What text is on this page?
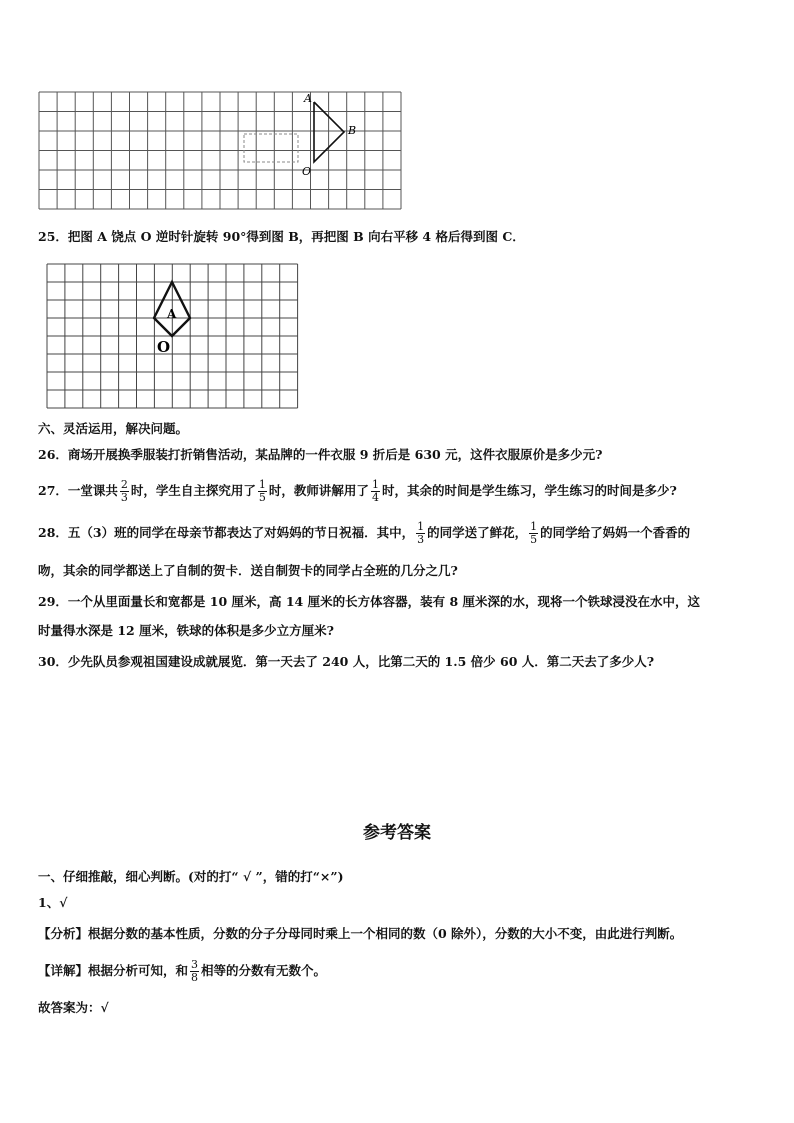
A
B
O
25．把图 A 饶点 O 逆时针旋转 90°得到图 B，再把图 B 向右平移 4 格后得到图 C．
A
O
六、灵活运用，解决问题。
26．商场开展换季服装打折销售活动，某品牌的一件衣服 9 折后是 630 元，这件衣服原价是多少元?
27．一堂课共 $\frac{2}{3}$ 时，学生自主探究用了 $\frac{1}{5}$ 时，教师讲解用了 $\frac{1}{4}$ 时，其余的时间是学生练习，学生练习的时间是多少?
28．五（3）班的同学在母亲节都表达了对妈妈的节日祝福．其中， $\frac{1}{3}$ 的同学送了鲜花， $\frac{1}{5}$ 的同学给了妈妈一个香香的
吻，其余的同学都送上了自制的贺卡．送自制贺卡的同学占全班的几分之几?
29．一个从里面量长和宽都是 10 厘米，高 14 厘米的长方体容器，装有 8 厘米深的水，现将一个铁球浸没在水中，这
时量得水深是 12 厘米，铁球的体积是多少立方厘米?
30．少先队员参观祖国建设成就展览．第一天去了 240 人，比第二天的 1.5 倍少 60 人．第二天去了多少人?
参考答案
一、仔细推敲，细心判断。(对的打“ √ ”，错的打“×”)
1、√
【分析】根据分数的基本性质，分数的分子分母同时乘上一个相同的数（0 除外），分数的大小不变，由此进行判断。
【详解】根据分析可知，和 $\frac{3}{8}$ 相等的分数有无数个。
故答案为：√
